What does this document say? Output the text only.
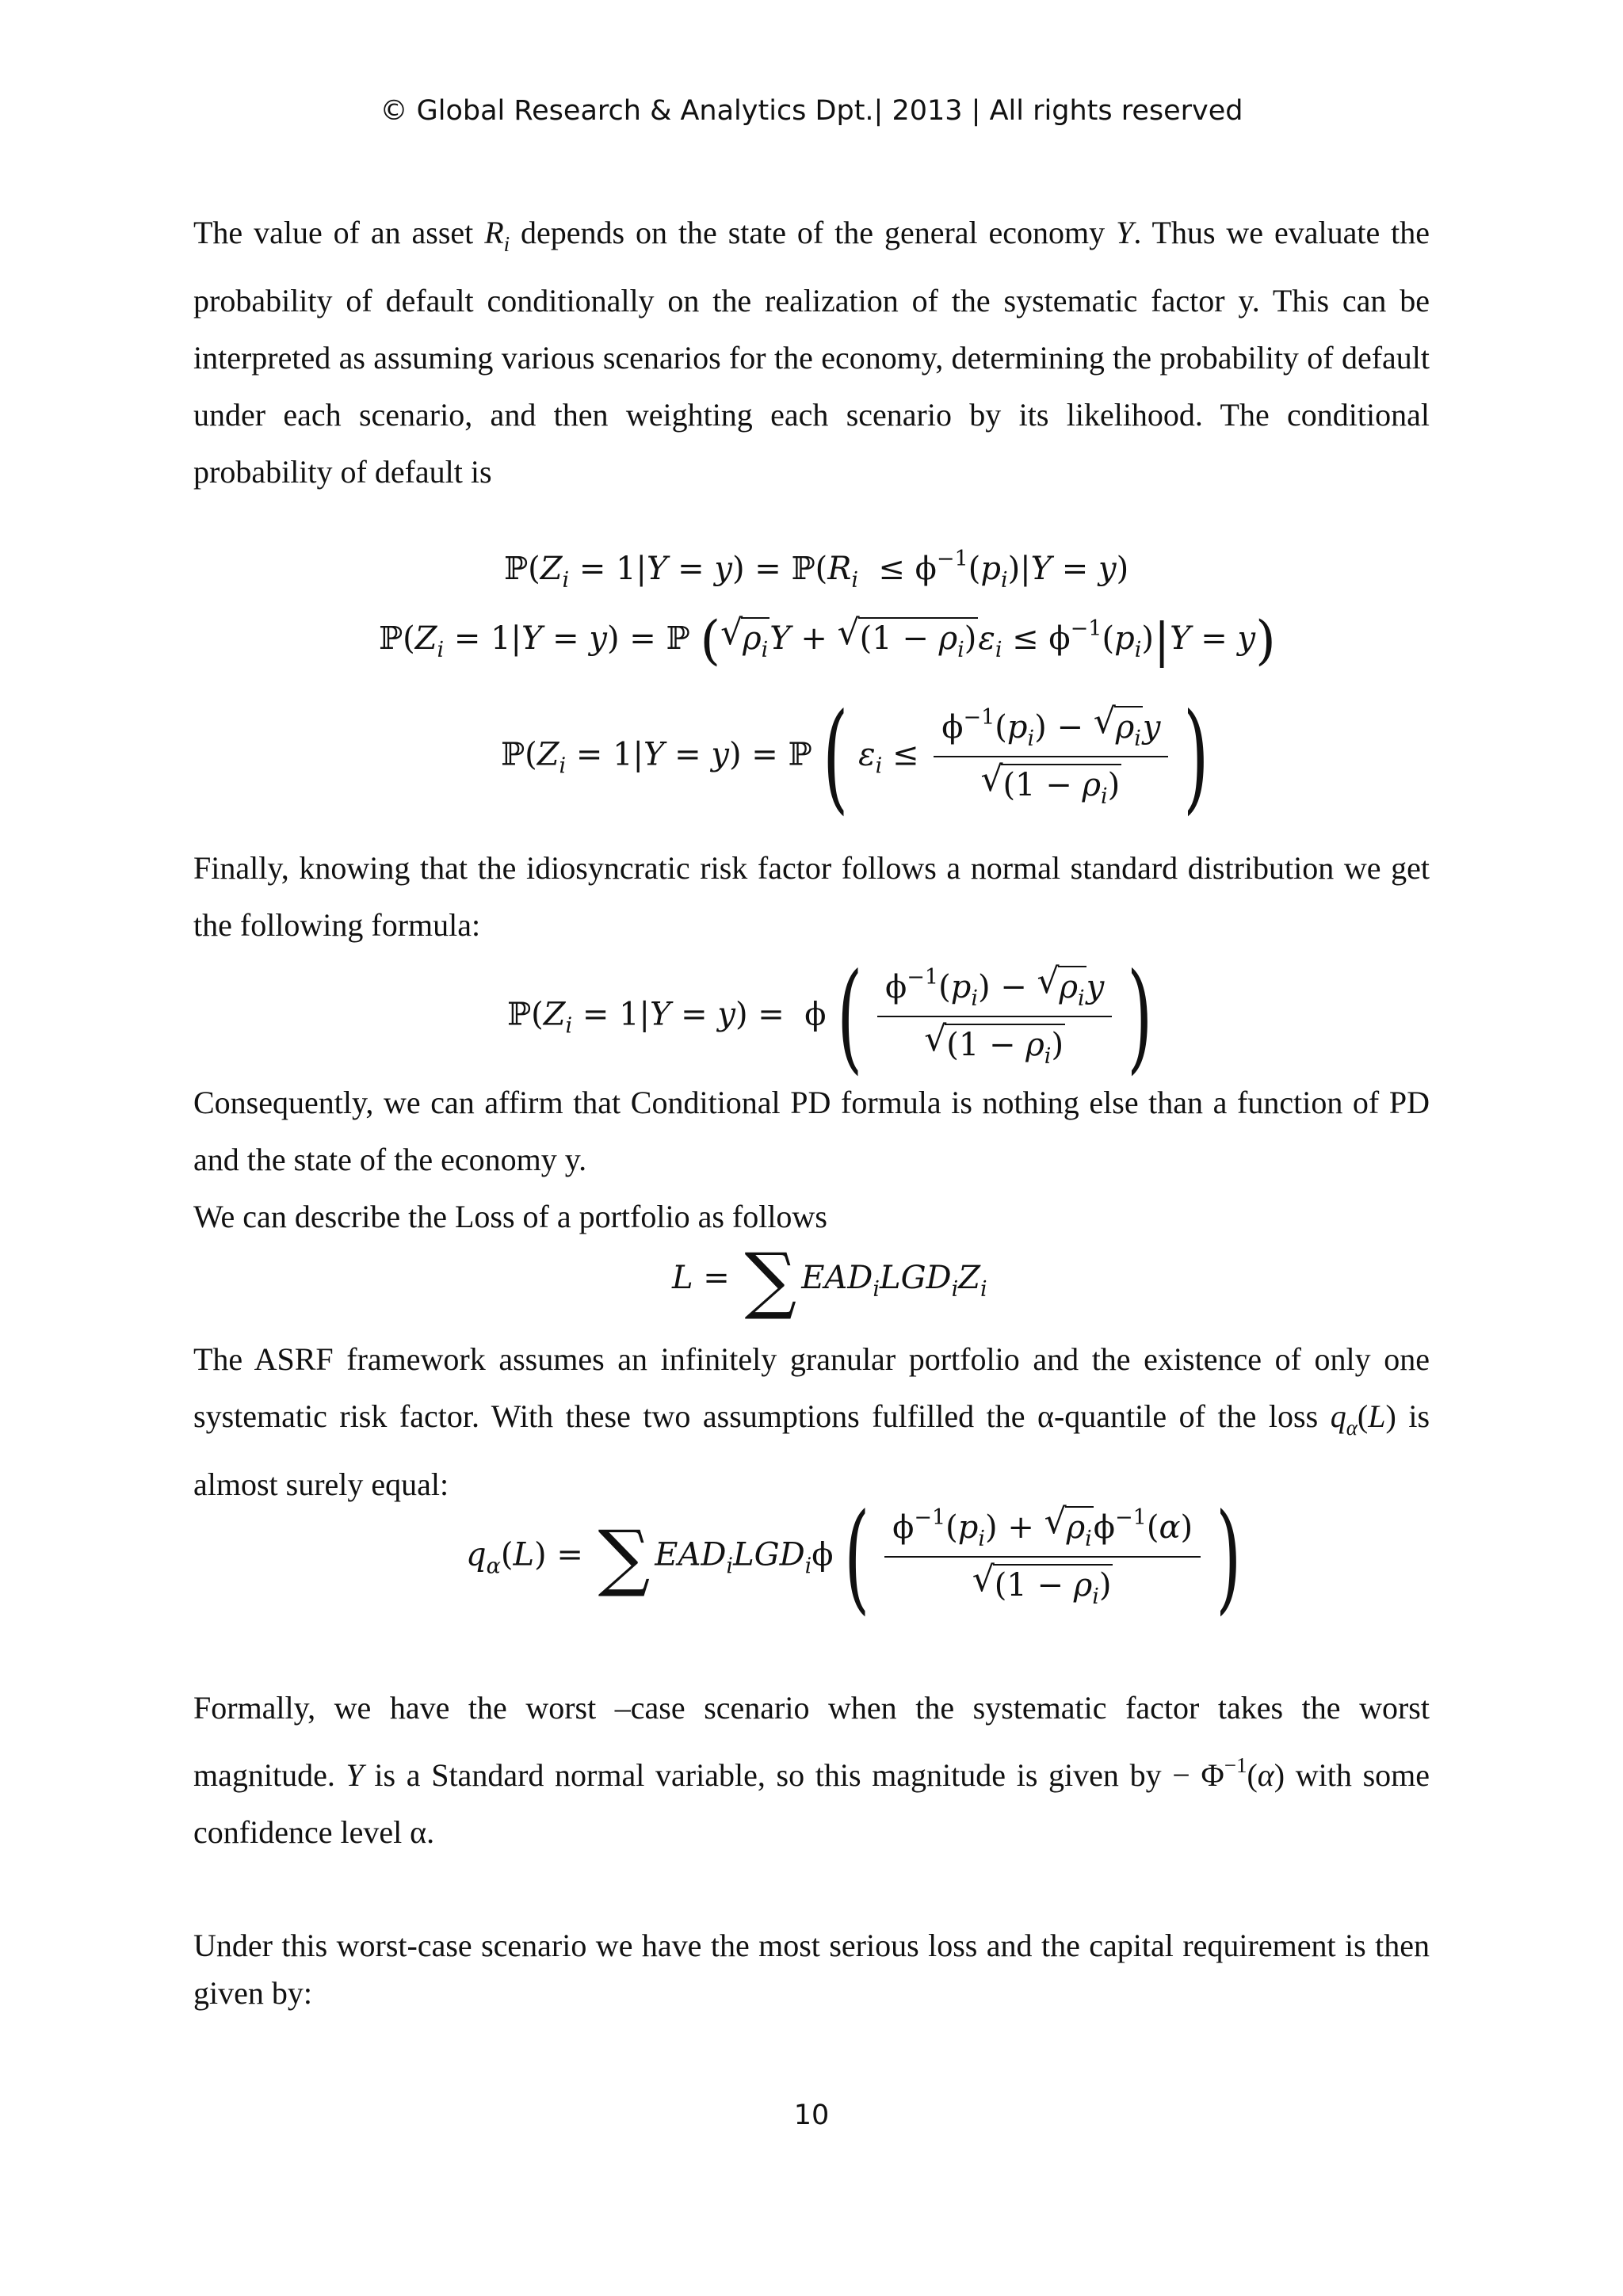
© Global Research & Analytics Dpt.| 2013 | All rights reserved

The value of an asset $R_i$ depends on the state of the general economy Y. Thus we evaluate the probability of default conditionally on the realization of the systematic factor y. This can be interpreted as assuming various scenarios for the economy, determining the probability of default under each scenario, and then weighting each scenario by its likelihood. The conditional probability of default is

$ℙ(Z_i = 1|Y = y)$ = $ℙ(R_i \le \phi^{-1}(p_i)|Y = y)$
$ℙ(Z_i = 1|Y = y)$ = ℙ (√ $\rho_iY$ + √ $(1 - \rho_i)\varepsilon_i \le \phi^{-1}(p_i)|Y = y$)
$ℙ(Z_i = 1|Y = y)$ = ℙ( $\varepsilon_i \le \phi^{-1}(p_i)$ − √ $\rho_iy$
√ $(1 - \rho_i)$ )

Finally, knowing that the idiosyncratic risk factor follows a normal standard distribution we get the following formula:

$ℙ(Z_i = 1|Y = y) = \phi$( $\phi^{-1}(p_i)$ − √ $\rho_iy$
√ $(1 - \rho_i)$ )

Consequently, we can affirm that Conditional PD formula is nothing else than a function of PD and the state of the economy y.

We can describe the Loss of a portfolio as follows

L = ∑ $EAD_iLGD_iZ_i$

The ASRF framework assumes an infinitely granular portfolio and the existence of only one systematic risk factor. With these two assumptions fulfilled the α-quantile of the loss $q_\alpha(L)$ is almost surely equal:

$q_\alpha(L)$ = ∑ $EAD_iLGD_i\phi$( $\phi^{-1}(p_i)$ + √ $\rho_i\phi^{-1}(\alpha)$
√ $(1 - \rho_i)$ )

Formally, we have the worst –case scenario when the systematic factor takes the worst magnitude. Y is a Standard normal variable, so this magnitude is given by − $\Phi^{-1}(\alpha)$ with some confidence level α.

Under this worst-case scenario we have the most serious loss and the capital requirement is then given by:

10
